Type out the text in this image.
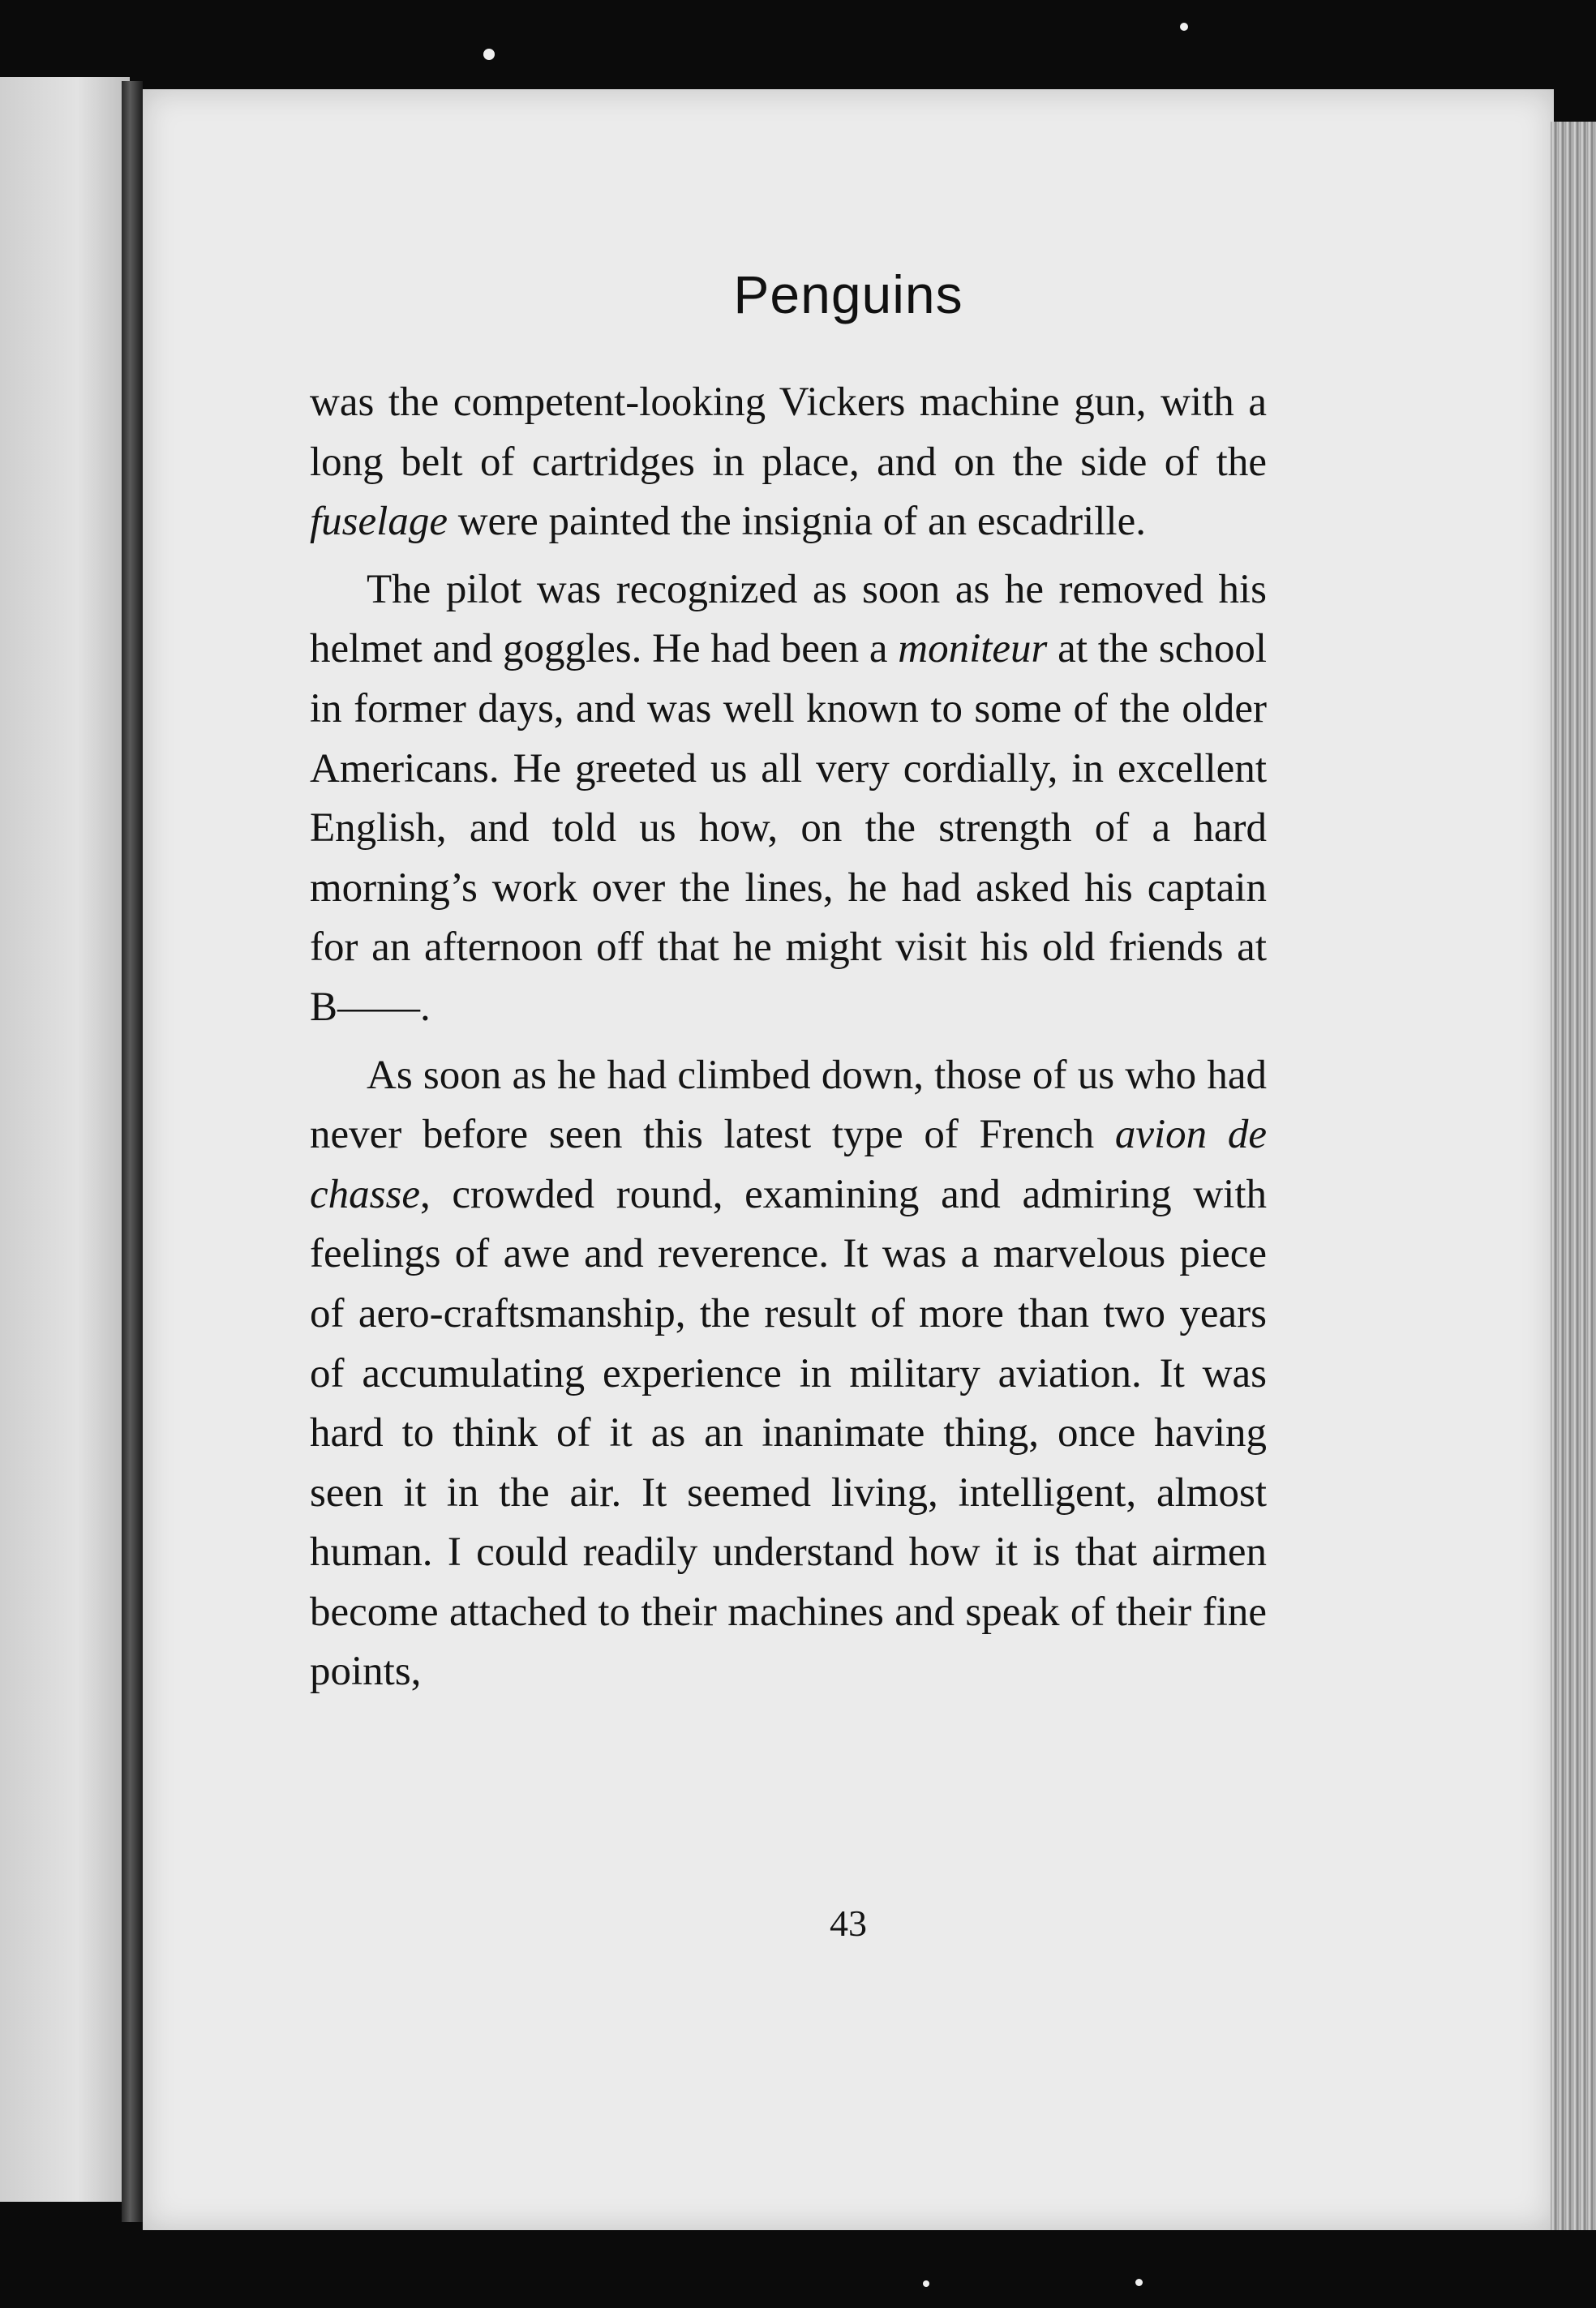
Penguins

was the competent-looking Vickers machine gun, with a long belt of cartridges in place, and on the side of the fuselage were painted the insignia of an escadrille.

The pilot was recognized as soon as he removed his helmet and goggles. He had been a moniteur at the school in former days, and was well known to some of the older Americans. He greeted us all very cordially, in excellent English, and told us how, on the strength of a hard morning’s work over the lines, he had asked his captain for an afternoon off that he might visit his old friends at B——.

As soon as he had climbed down, those of us who had never before seen this latest type of French avion de chasse, crowded round, examining and admiring with feelings of awe and reverence. It was a marvelous piece of aero-craftsmanship, the result of more than two years of accumulating experience in military aviation. It was hard to think of it as an inanimate thing, once having seen it in the air. It seemed living, intelligent, almost human. I could readily understand how it is that airmen become attached to their machines and speak of their fine points,

43
